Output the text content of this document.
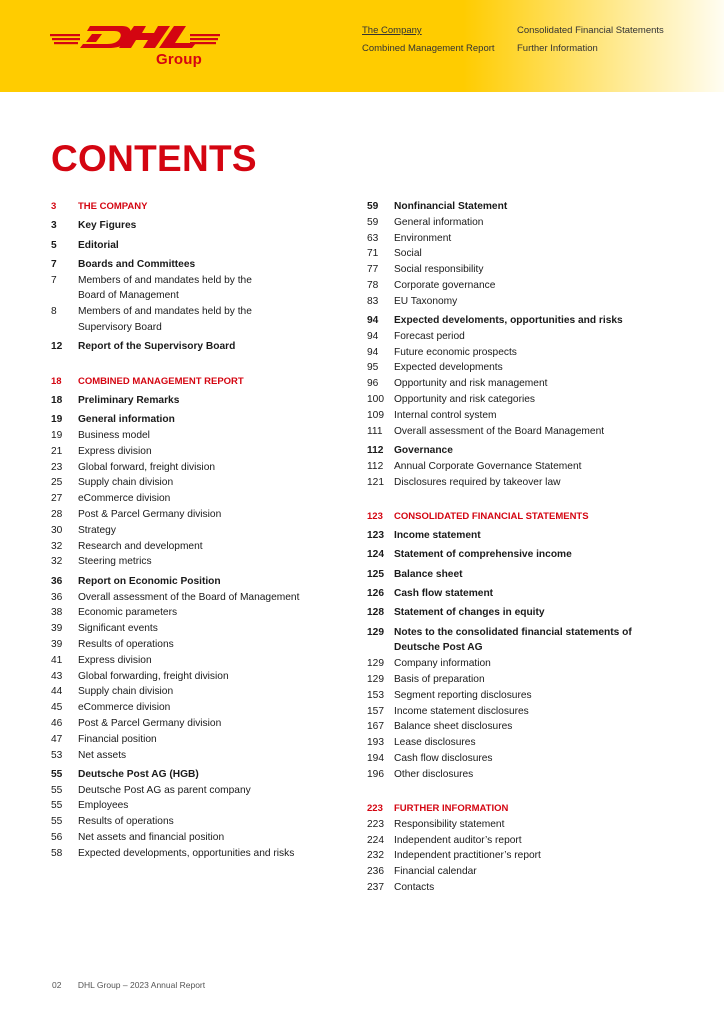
Group
The Company
Combined Management Report
Consolidated Financial Statements
Further Information
CONTENTS
3	THE COMPANY
3	Key Figures
5	Editorial
7	Boards and Committees
7	Members of and mandates held by the
Board of Management
8	Members of and mandates held by the
Supervisory Board
12	Report of the Supervisory Board
18	COMBINED MANAGEMENT REPORT
18	Preliminary Remarks
19	General information
19	Business model
21	Express division
23	Global forward, freight division
25	Supply chain division
27	eCommerce division
28	Post & Parcel Germany division
30	Strategy
32	Research and development
32	Steering metrics
36	Report on Economic Position
36	Overall assessment of the Board of Management
38	Economic parameters
39	Significant events
39	Results of operations
41	Express division
43	Global forwarding, freight division
44	Supply chain division
45	eCommerce division
46	Post & Parcel Germany division
47	Financial position
53	Net assets
55	Deutsche Post AG (HGB)
55	Deutsche Post AG as parent company
55	Employees
55	Results of operations
56	Net assets and financial position
58	Expected developments, opportunities and risks
59	Nonfinancial Statement
59	General information
63	Environment
71	Social
77	Social responsibility
78	Corporate governance
83	EU Taxonomy
94	Expected develoments, opportunities and risks
94	Forecast period
94	Future economic prospects
95	Expected developments
96	Opportunity and risk management
100 Opportunity and risk categories
109 Internal control system
111	Overall assessment of the Board Management
112	Governance
112	Annual Corporate Governance Statement
121 Disclosures required by takeover law
123	CONSOLIDATED FINANCIAL STATEMENTS
123 Income statement
124 Statement of comprehensive income
125 Balance sheet
126 Cash flow statement
128 Statement of changes in equity
129 Notes to the consolidated financial statements of
Deutsche Post AG
129 Company information
129 Basis of preparation
153 Segment reporting disclosures
157 Income statement disclosures
167 Balance sheet disclosures
193 Lease disclosures
194 Cash flow disclosures
196 Other disclosures
223	FURTHER INFORMATION
223 Responsibility statement
224 Independent auditor’s report
232 Independent practitioner’s report
236 Financial calendar
237 Contacts
02 DHL Group – 2023 Annual Report
